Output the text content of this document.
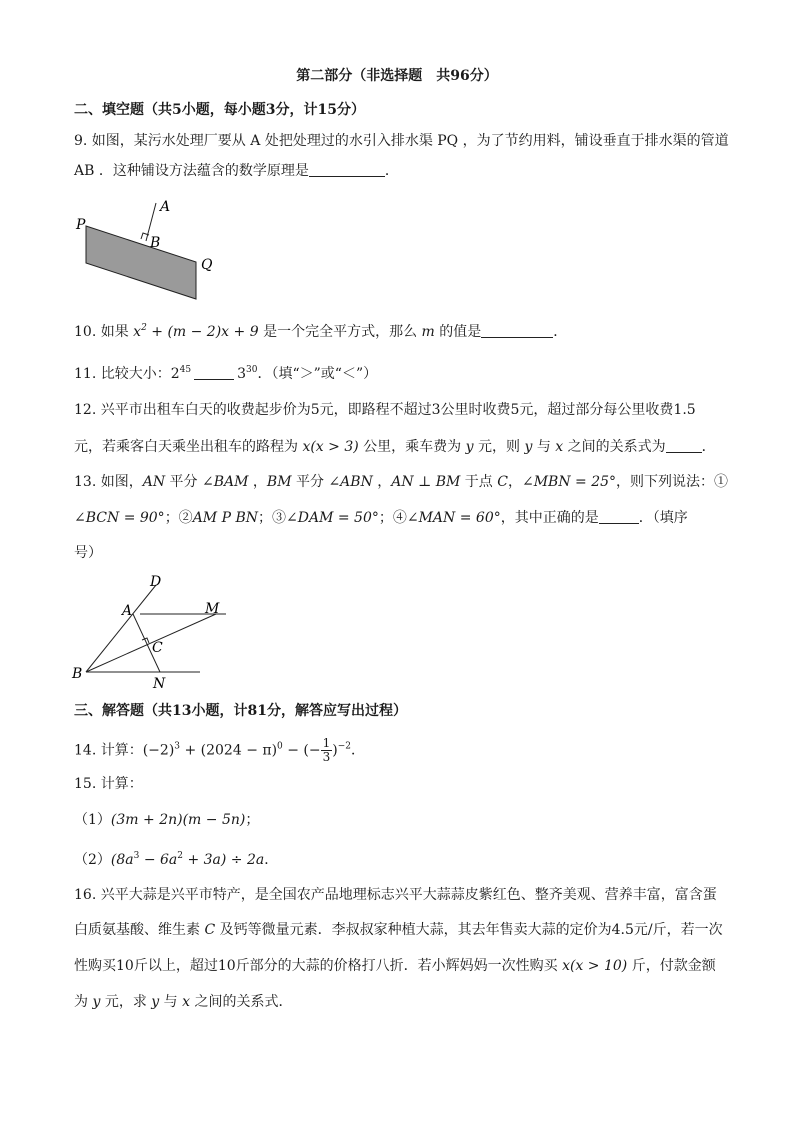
第二部分（非选择题　共96分）
二、填空题（共5小题，每小题3分，计15分）
9. 如图，某污水处理厂要从 A 处把处理过的水引入排水渠 PQ ，为了节约用料，铺设垂直于排水渠的管道
AB ．这种铺设方法蕴含的数学原理是	．
P
A
B
Q
10. 如果 $x^2 + (m - 2)x + 9$ 是一个完全平方式，那么 m 的值是	．
11. 比较大小：$2^{45}$	$3^{30}$．（填“＞”或“＜”）
12. 兴平市出租车白天的收费起步价为5元，即路程不超过3公里时收费5元，超过部分每公里收费1.5
元，若乘客白天乘坐出租车的路程为 x(x > 3) 公里，乘车费为 y 元，则 y 与 x 之间的关系式为	．
13. 如图，AN 平分 ∠BAM ，BM 平分 ∠ABN ，AN ⊥ BM 于点 C，∠MBN = 25°，则下列说法：①
∠BCN = 90°；②AM P BN；③∠DAM = 50°；④∠MAN = 60°，其中正确的是	．（填序
号）
D
A	M
C
B
N
三、解答题（共13小题，计81分，解答应写出过程）
14. 计算：$(-2)^3 + (2024 - \pi)^0$ − (− $\frac{1}{3} )^{-2}$．
15. 计算：
（1）(3m + 2n)(m − 5n)；
$(2)(8a^3 - 6a^2 + 3a) \div 2a$．
16. 兴平大蒜是兴平市特产，是全国农产品地理标志兴平大蒜蒜皮紫红色、整齐美观、营养丰富，富含蛋
白质氨基酸、维生素 C 及钙等微量元素．李叔叔家种植大蒜，其去年售卖大蒜的定价为4.5元/斤，若一次
性购买10斤以上，超过10斤部分的大蒜的价格打八折．若小辉妈妈一次性购买 x(x > 10) 斤，付款金额
为 y 元，求 y 与 x 之间的关系式．
